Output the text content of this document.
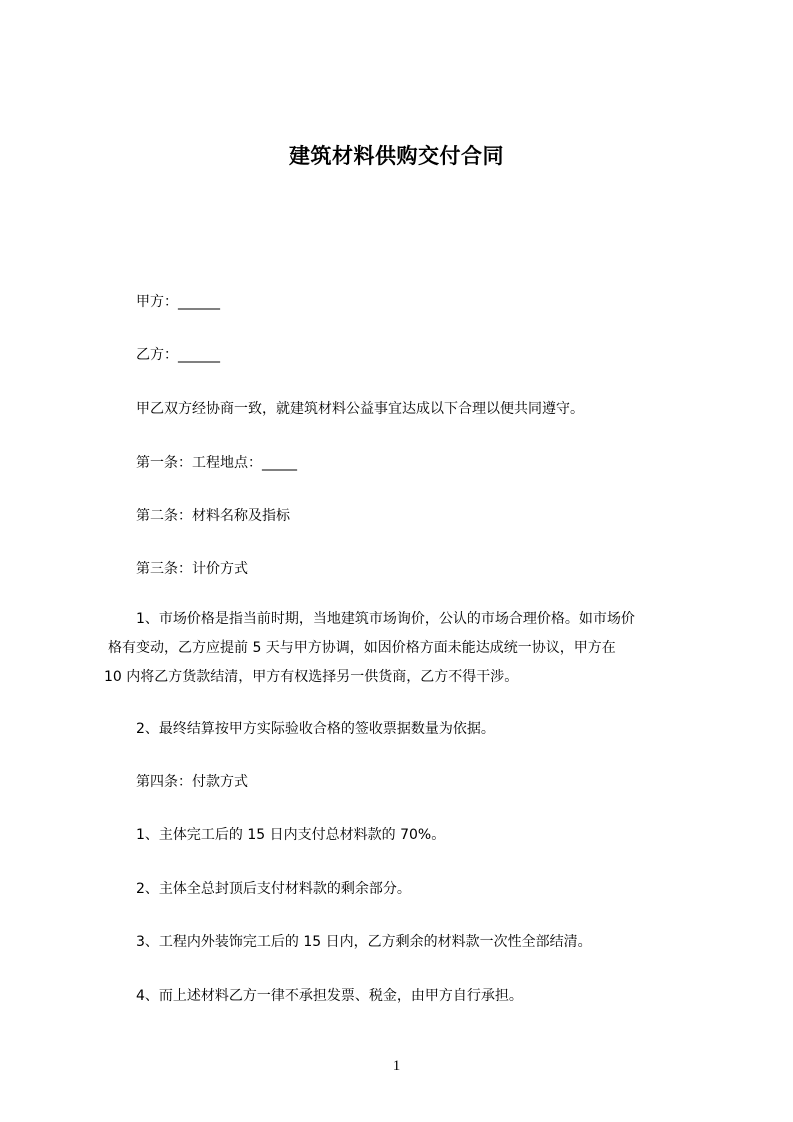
建筑材料供购交付合同
甲方：______
乙方：______
甲乙双方经协商一致，就建筑材料公益事宜达成以下合理以便共同遵守。
第一条：工程地点：_____
第二条：材料名称及指标
第三条：计价方式
1、市场价格是指当前时期，当地建筑市场询价，公认的市场合理价格。如市场价
格有变动，乙方应提前 5 天与甲方协调，如因价格方面未能达成统一协议，甲方在
10 内将乙方货款结清，甲方有权选择另一供货商，乙方不得干涉。
2、最终结算按甲方实际验收合格的签收票据数量为依据。
第四条：付款方式
1、主体完工后的 15 日内支付总材料款的 70%。
2、主体全总封顶后支付材料款的剩余部分。
3、工程内外装饰完工后的 15 日内，乙方剩余的材料款一次性全部结清。
4、而上述材料乙方一律不承担发票、税金，由甲方自行承担。
1
